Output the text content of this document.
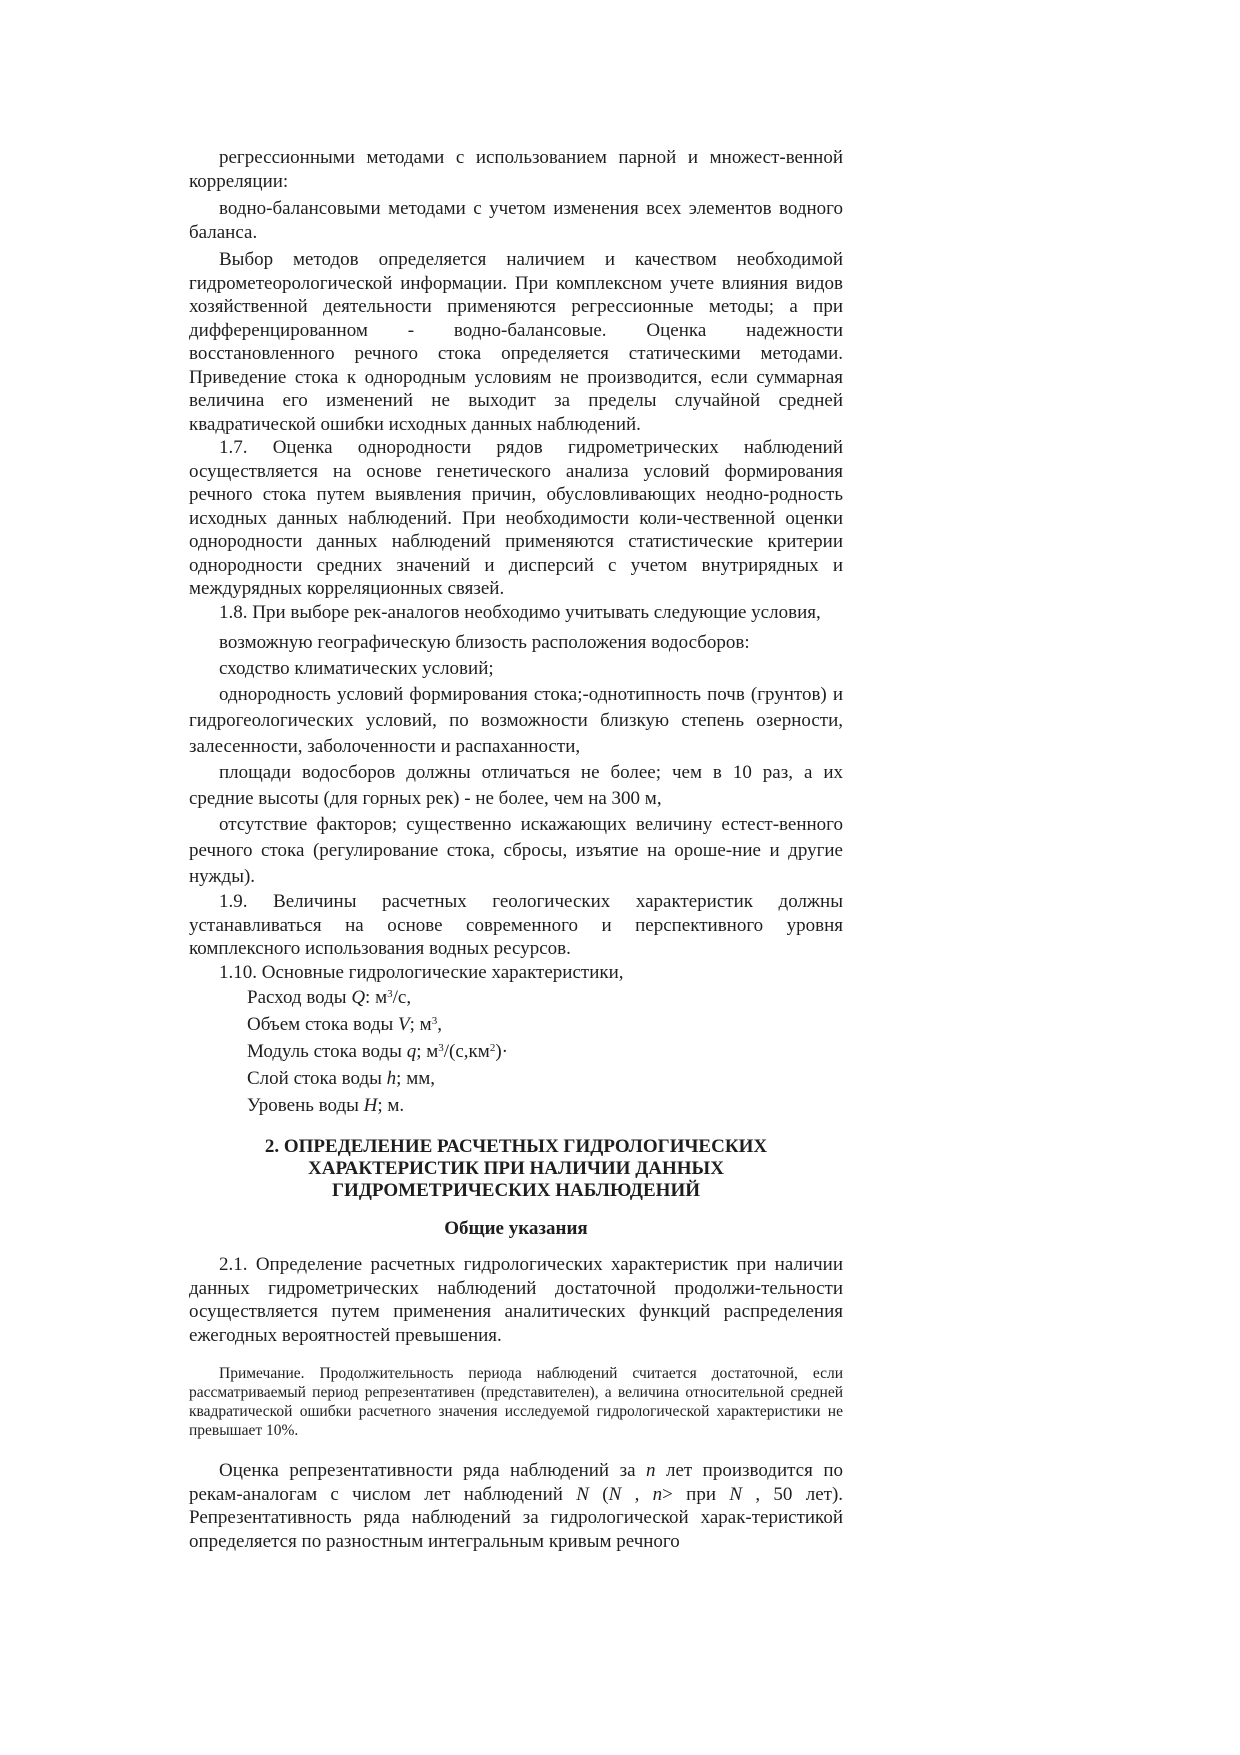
регрессионными методами с использованием парной и множест-венной корреляции:

водно-балансовыми методами с учетом изменения всех элементов водного баланса.

Выбор методов определяется наличием и качеством необходимой гидрометеорологической информации. При комплексном учете влияния видов хозяйственной деятельности применяются регрессионные методы; а при дифференцированном - водно-балансовые. Оценка надежности восстановленного речного стока определяется статическими методами. Приведение стока к однородным условиям не производится, если суммарная величина его изменений не выходит за пределы случайной средней квадратической ошибки исходных данных наблюдений.

1.7. Оценка однородности рядов гидрометрических наблюдений осуществляется на основе генетического анализа условий формирования речного стока путем выявления причин, обусловливающих неодно-родность исходных данных наблюдений. При необходимости коли-чественной оценки однородности данных наблюдений применяются статистические критерии однородности средних значений и дисперсий с учетом внутрирядных и междурядных корреляционных связей.

1.8. При выборе рек-аналогов необходимо учитывать следующие условия,

возможную географическую близость расположения водосборов:

сходство климатических условий;

однородность условий формирования стока;-однотипность почв (грунтов) и гидрогеологических условий, по возможности близкую степень озерности, залесенности, заболоченности и распаханности,

площади водосборов должны отличаться не более; чем в 10 раз, а их средние высоты (для горных рек) - не более, чем на 300 м,

отсутствие факторов; существенно искажающих величину естест-венного речного стока (регулирование стока, сбросы, изъятие на ороше-ние и другие нужды).

1.9. Величины расчетных геологических характеристик должны устанавливаться на основе современного и перспективного уровня комплексного использования водных ресурсов.

1.10. Основные гидрологические характеристики,

Расход воды Q: $м^3/с$,

Объем стока воды V; $м^3$,

Модуль стока воды q; $м^3/(с,км^2)\cdot$

Слой стока воды h; мм,

Уровень воды H; м.

2. ОПРЕДЕЛЕНИЕ РАСЧЕТНЫХ ГИДРОЛОГИЧЕСКИХ
ХАРАКТЕРИСТИК ПРИ НАЛИЧИИ ДАННЫХ
ГИДРОМЕТРИЧЕСКИХ НАБЛЮДЕНИЙ
Общие указания

2.1. Определение расчетных гидрологических характеристик при наличии данных гидрометрических наблюдений достаточной продолжи-тельности осуществляется путем применения аналитических функций распределения ежегодных вероятностей превышения.

Примечание. Продолжительность периода наблюдений считается достаточной, если рассматриваемый период репрезентативен (представителен), а величина относительной средней квадратической ошибки расчетного значения исследуемой гидрологической характеристики не превышает 10%.

Оценка репрезентативности ряда наблюдений за n лет производится по рекам-аналогам с числом лет наблюдений N (N , n> при N , 50 лет). Репрезентативность ряда наблюдений за гидрологической харак-теристикой определяется по разностным интегральным кривым речного
